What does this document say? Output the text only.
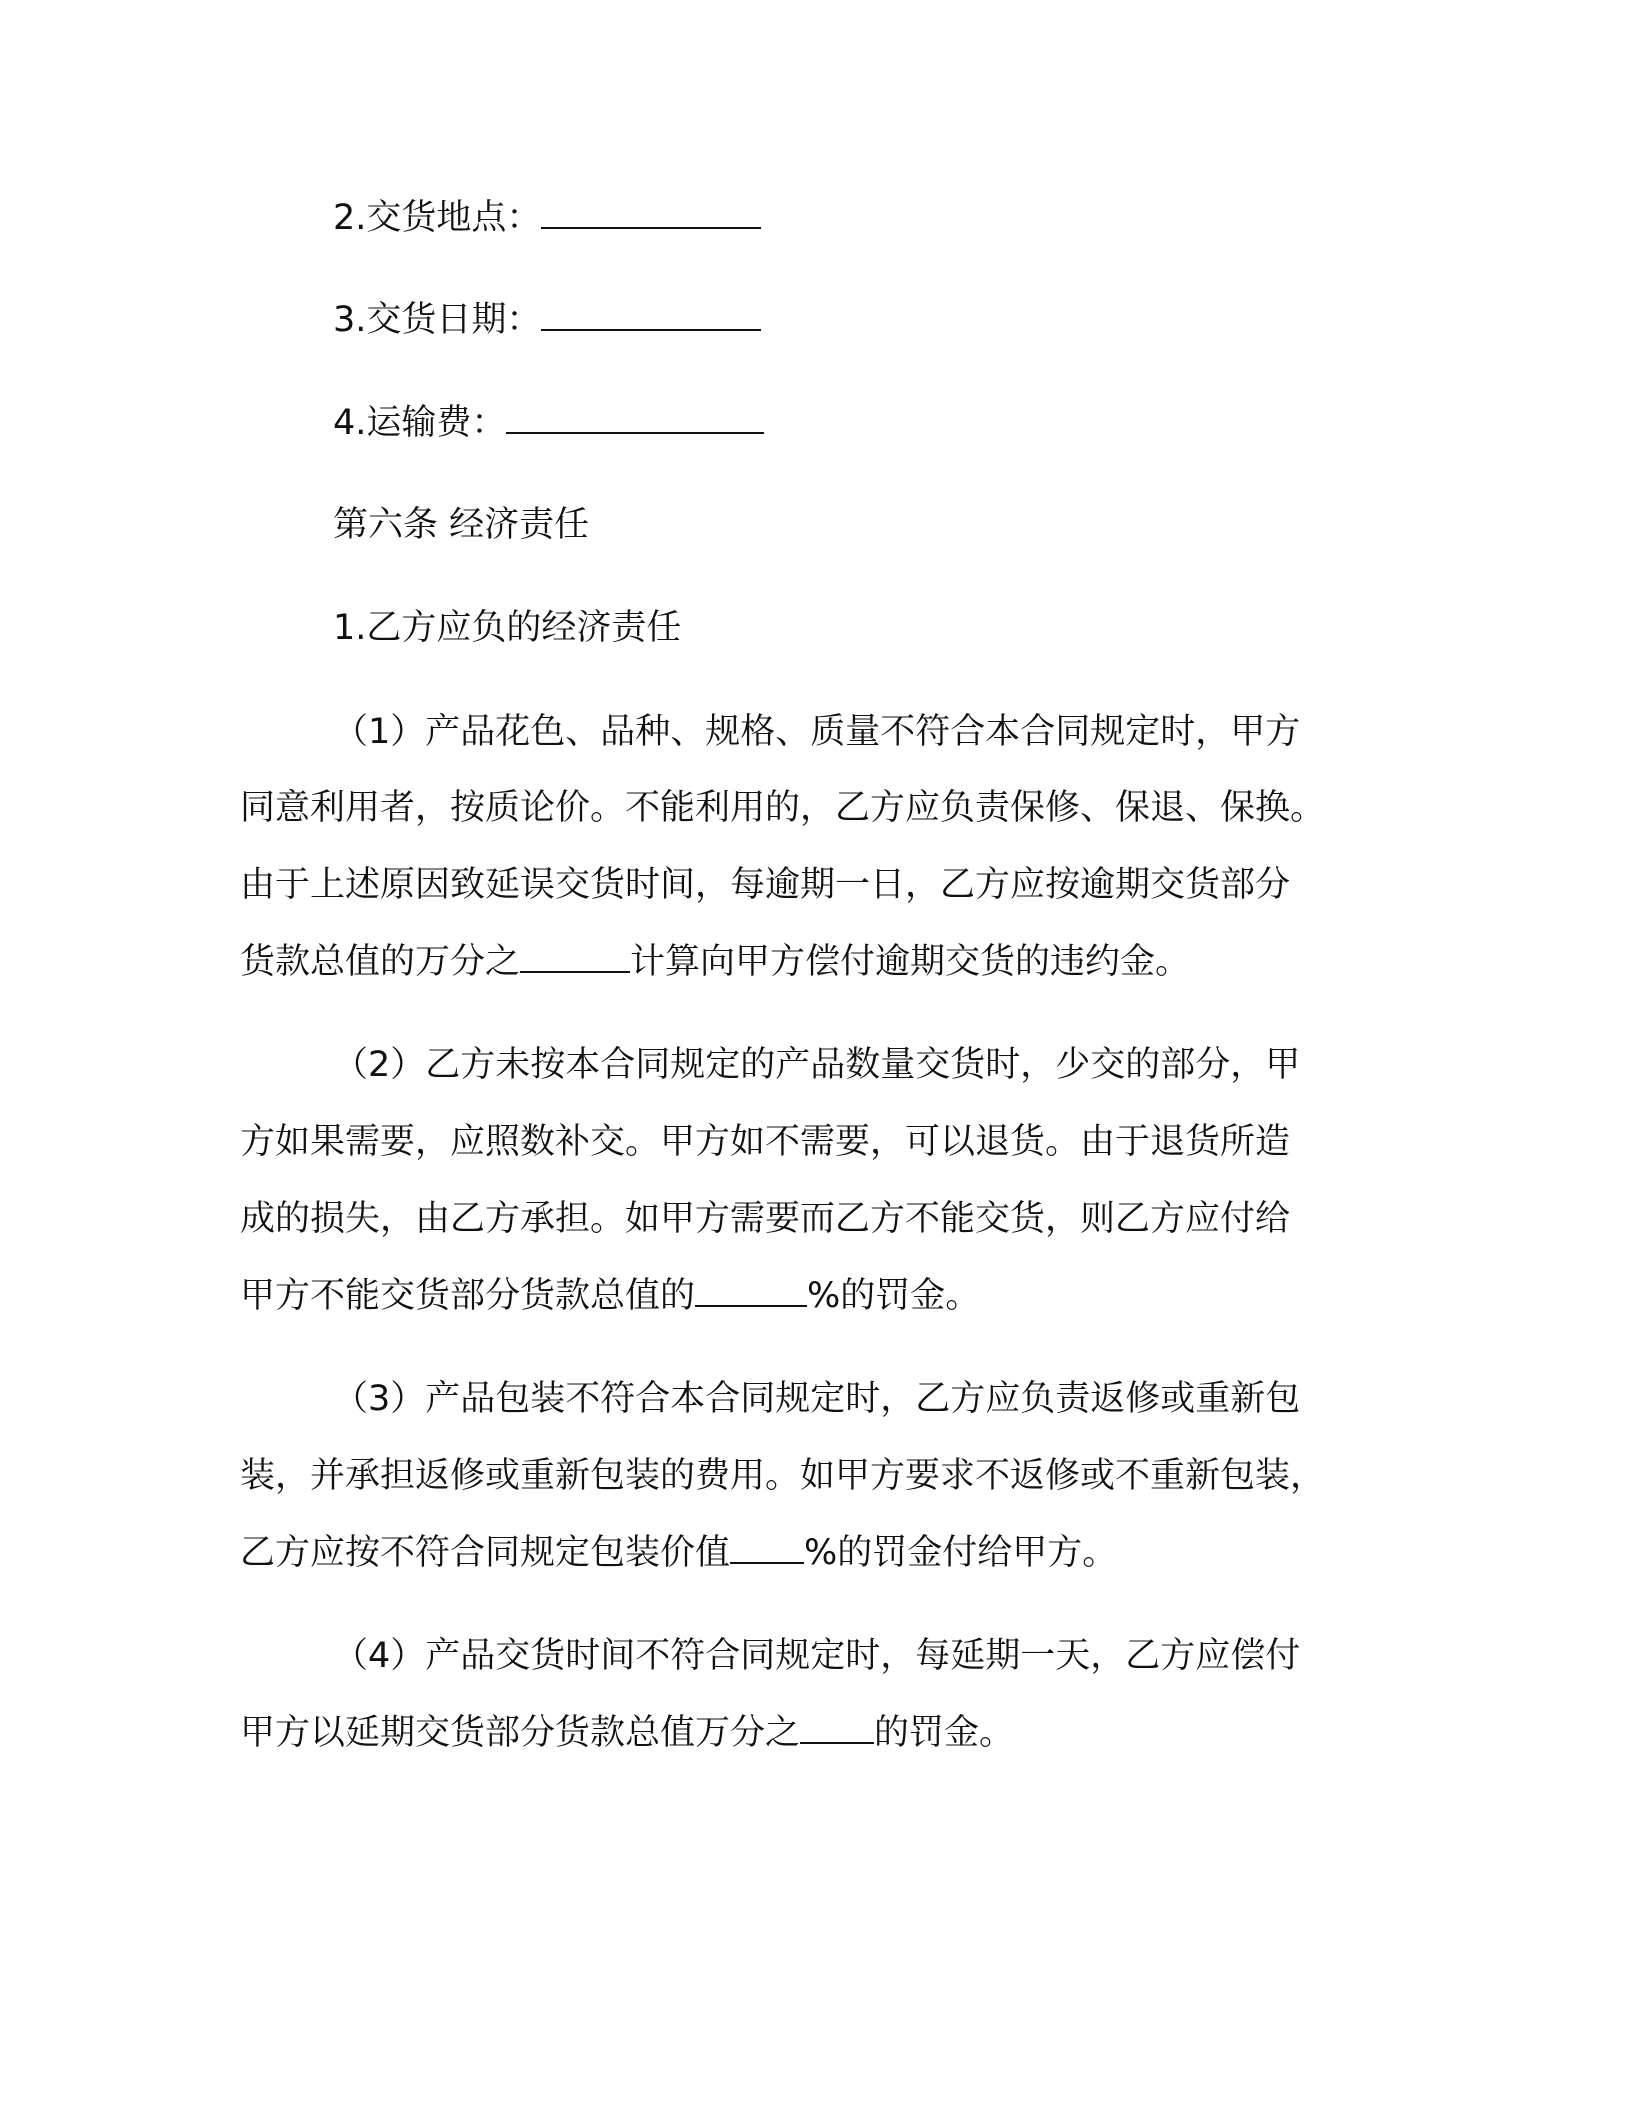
2.交货地点：
3.交货日期：
4.运输费：
第六条 经济责任
1.乙方应负的经济责任
（1）产品花色、品种、规格、质量不符合本合同规定时，甲方
同意利用者，按质论价。不能利用的，乙方应负责保修、保退、保换。
由于上述原因致延误交货时间，每逾期一日，乙方应按逾期交货部分
货款总值的万分之	计算向甲方偿付逾期交货的违约金。
（2）乙方未按本合同规定的产品数量交货时，少交的部分，甲
方如果需要，应照数补交。甲方如不需要，可以退货。由于退货所造
成的损失，由乙方承担。如甲方需要而乙方不能交货，则乙方应付给
甲方不能交货部分货款总值的	%的罚金。
（3）产品包装不符合本合同规定时，乙方应负责返修或重新包
装，并承担返修或重新包装的费用。如甲方要求不返修或不重新包装，
乙方应按不符合同规定包装价值 %的罚金付给甲方。
（4）产品交货时间不符合同规定时，每延期一天，乙方应偿付
甲方以延期交货部分货款总值万分之 的罚金。
